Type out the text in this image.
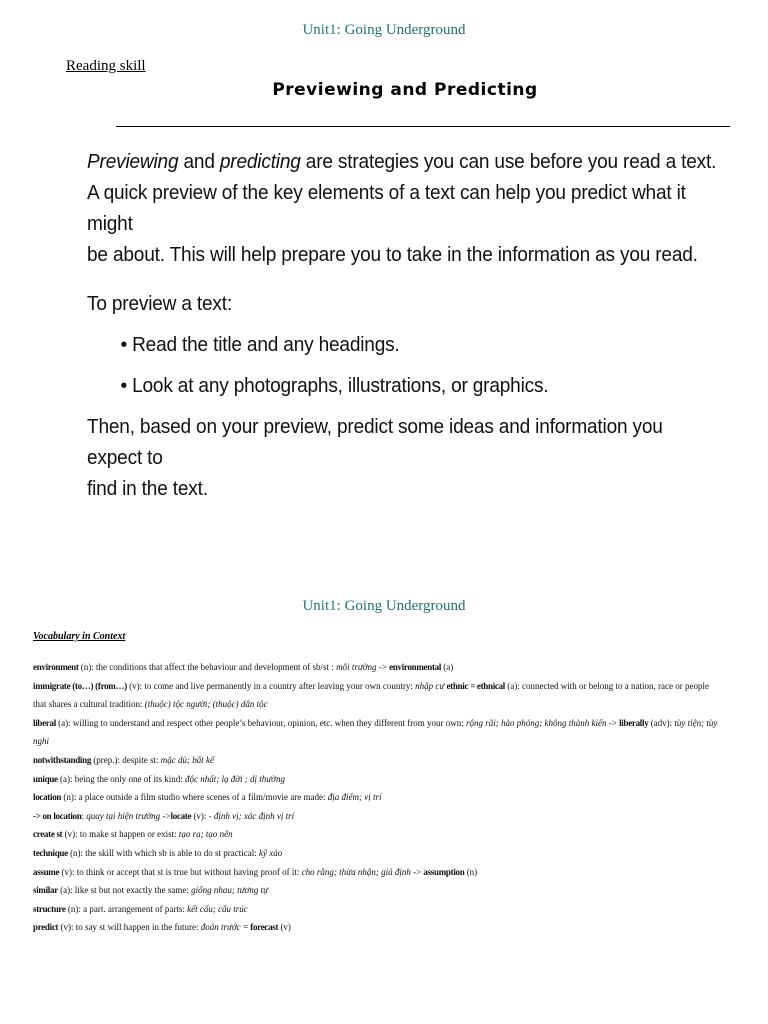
Unit1: Going Underground
Reading skill
Previewing and Predicting

Previewing and predicting are strategies you can use before you read a text.

A quick preview of the key elements of a text can help you predict what it might

be about. This will help prepare you to take in the information as you read.

To preview a text:

• Read the title and any headings.

• Look at any photographs, illustrations, or graphics.

Then, based on your preview, predict some ideas and information you expect to

find in the text.

Unit1: Going Underground
Vocabulary in Context

environment (n): the conditions that affect the behaviour and development of sb/st : môi trường -> environmental (a)

immigrate (to…) (from…) (v): to come and live permanently in a country after leaving your own country: nhập cư ethnic = ethnical (a): connected with or belong to a nation, race or people

that shares a cultural tradition: (thuộc) tộc người; (thuộc) dân tộc

liberal (a): willing to understand and respect other people’s behaviour, opinion, etc. when they different from your own: rộng rãi; hào phóng; không thành kiến -> liberally (adv): tùy tiện; tùy

nghi

notwithstanding (prep.): despite st: mặc dù; bất kể

unique (a): being the only one of its kind: độc nhất; lạ đời ; dị thường

location (n): a place outside a film studio where scenes of a film/movie are made: địa điểm; vị trí

-> on location: quay tại hiện trường ->locate (v): - định vị; xác định vị trí

create st (v): to make st happen or exist: tạo ra; tạo nên

technique (n): the skill with which sb is able to do st practical: kỹ xảo

assume (v): to think or accept that st is true but without having proof of it: cho rằng; thừa nhận; giả định -> assumption (n)

similar (a): like st but not exactly the same: giống nhau; tương tự

structure (n): a part. arrangement of parts: kết cấu; cấu trúc

predict (v): to say st will happen in the future: đoán trước = forecast (v)
